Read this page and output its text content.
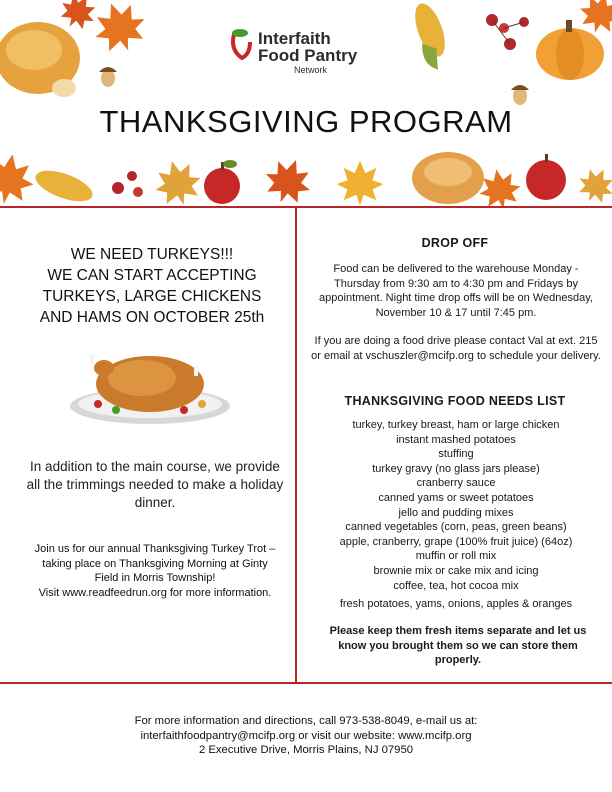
Interfaith
Food Pantry
Network
THANKSGIVING PROGRAM
WE NEED TURKEYS!!!
WE CAN START ACCEPTING
TURKEYS, LARGE CHICKENS
AND HAMS ON OCTOBER 25th
In addition to the main course, we provide all the trimmings needed to make a holiday dinner.

Join us for our annual Thanksgiving Turkey Trot – taking place on Thanksgiving Morning at Ginty Field in Morris Township!

Visit www.readfeedrun.org for more information.

DROP OFF

Food can be delivered to the warehouse Monday - Thursday from 9:30 am to 4:30 pm and Fridays by appointment. Night time drop offs will be on Wednesday, November 10 & 17 until 7:45 pm.

If you are doing a food drive please contact Val at ext. 215 or email at vschuszler@mcifp.org to schedule your delivery.

THANKSGIVING FOOD NEEDS LIST
turkey, turkey breast, ham or large chicken
instant mashed potatoes
stuffing
turkey gravy (no glass jars please)
cranberry sauce
canned yams or sweet potatoes
jello and pudding mixes
canned vegetables (corn, peas, green beans)
apple, cranberry, grape (100% fruit juice) (64oz)
muffin or roll mix
brownie mix or cake mix and icing
coffee, tea, hot cocoa mix
fresh potatoes, yams, onions, apples & oranges
Please keep them fresh items separate and let us know you brought them so we can store them properly.
For more information and directions, call 973-538-8049, e-mail us at:
interfaithfoodpantry@mcifp.org or visit our website: www.mcifp.org
2 Executive Drive, Morris Plains, NJ 07950
